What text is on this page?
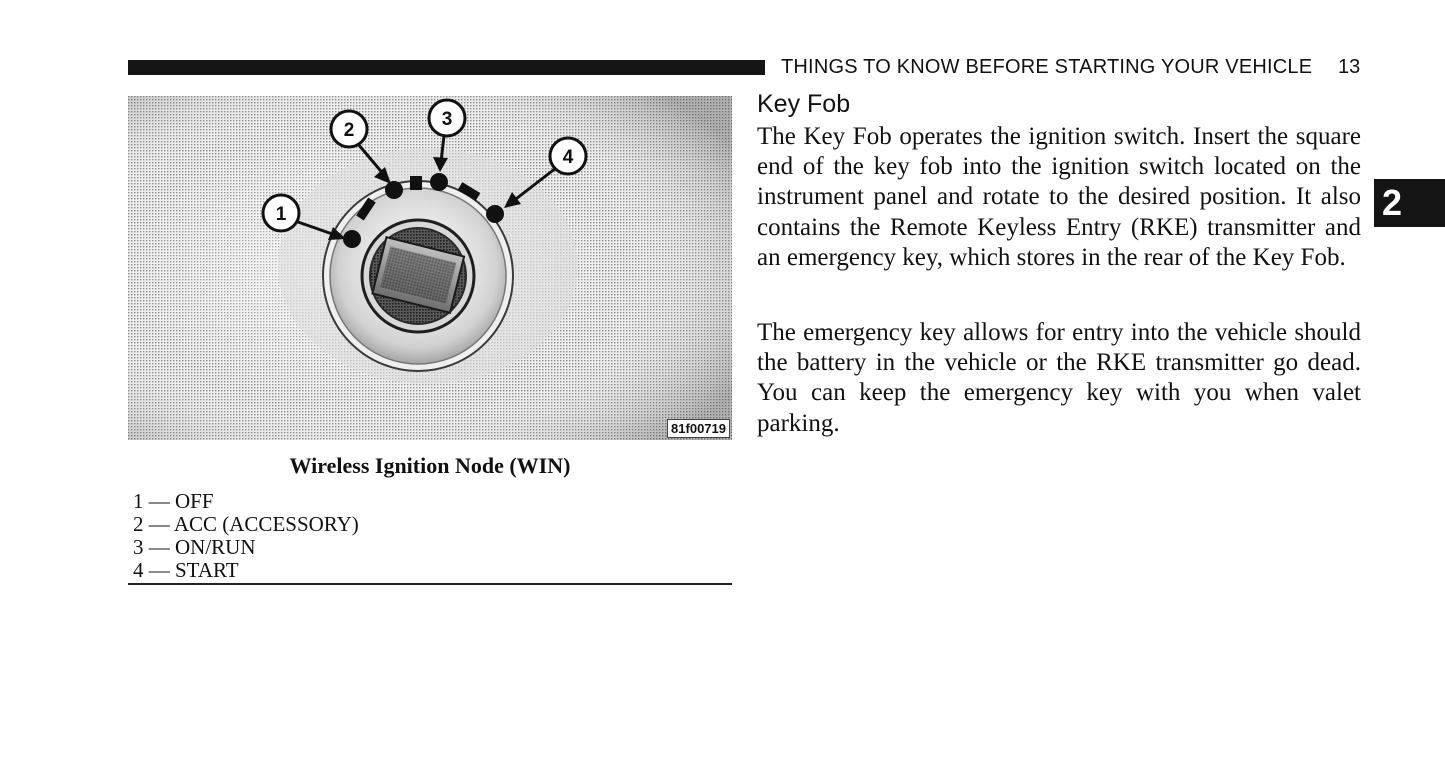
THINGS TO KNOW BEFORE STARTING YOUR VEHICLE 13
1
2
3
4
81f00719
Wireless Ignition Node (WIN)
1 — OFF
2 — ACC (ACCESSORY)
3 — ON/RUN
4 — START
Key Fob
The Key Fob operates the ignition switch. Insert the square end of the key fob into the ignition switch located on the instrument panel and rotate to the desired position. It also contains the Remote Keyless Entry (RKE) transmitter and an emergency key, which stores in the rear of the Key Fob.
The emergency key allows for entry into the vehicle should the battery in the vehicle or the RKE transmitter go dead. You can keep the emergency key with you when valet parking.
2
